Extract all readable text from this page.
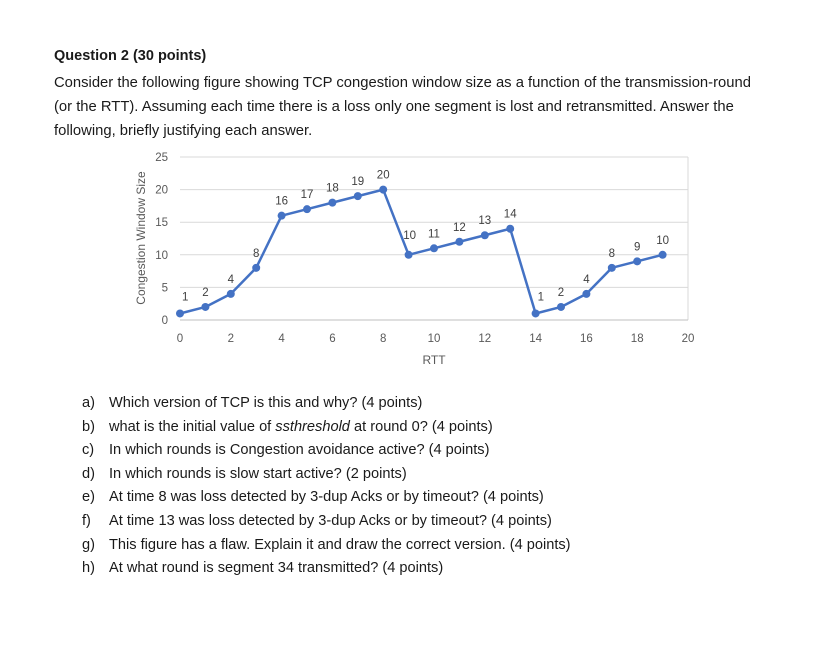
Question 2 (30 points)

Consider the following figure showing TCP congestion window size as a function of the transmission-round

(or the RTT). Assuming each time there is a loss only one segment is lost and retransmitted. Answer the

following, briefly justifying each answer.

0
5
10
15
20
25
0	2	4	6	8	10	12	14	16	18	20
1 2
4
8
16
17
18
19
20
10 11
12
13
14
1 2
4
8
9
10
RTT
Congestion Window Size
a) Which version of TCP is this and why? (4 points)
b) what is the initial value of ssthreshold at round 0? (4 points)
c) In which rounds is Congestion avoidance active? (4 points)
d) In which rounds is slow start active? (2 points)
e) At time 8 was loss detected by 3-dup Acks or by timeout? (4 points)
f) At time 13 was loss detected by 3-dup Acks or by timeout? (4 points)
g) This figure has a flaw. Explain it and draw the correct version. (4 points)
h) At what round is segment 34 transmitted? (4 points)
